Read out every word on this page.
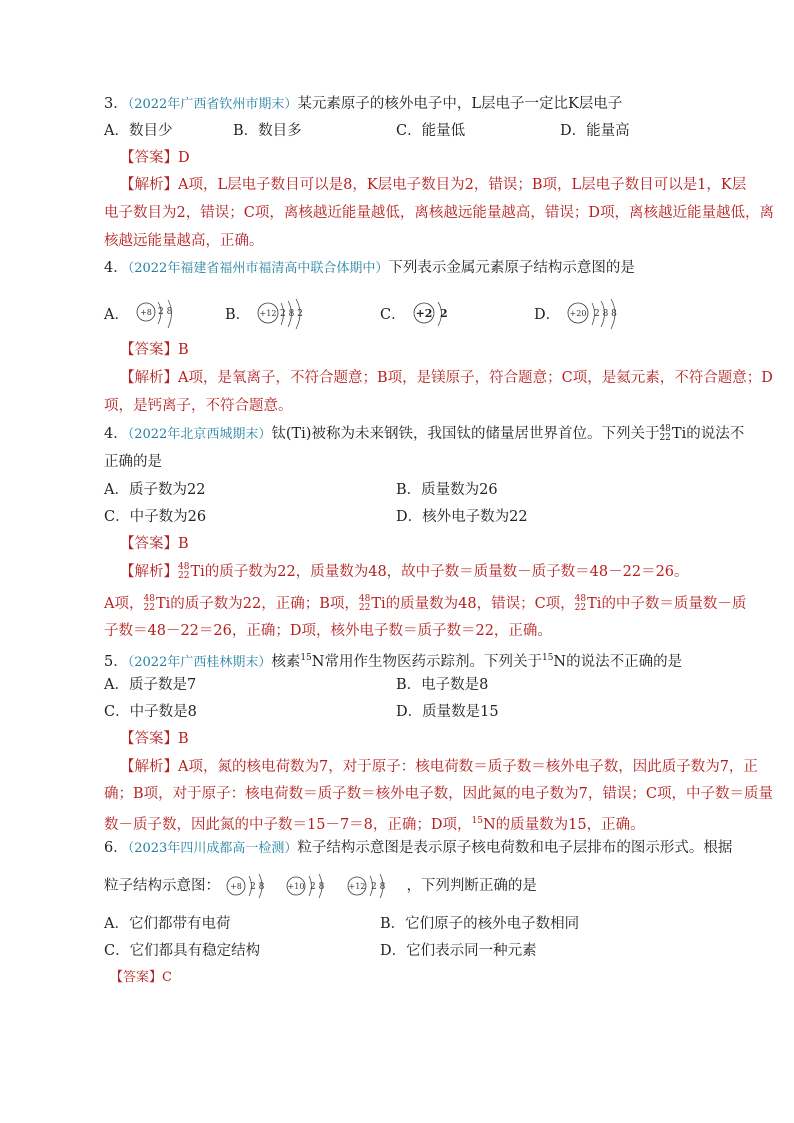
3．（2022年广西省钦州市期末）某元素原子的核外电子中，L层电子一定比K层电子
A．数目少	B．数目多	C．能量低	D．能量高
【答案】D
【解析】A项，L层电子数目可以是8，K层电子数目为2，错误；B项，L层电子数目可以是1，K层
电子数目为2，错误；C项，离核越近能量越低，离核越远能量越高，错误；D项，离核越近能量越低，离
核越远能量越高，正确。
4．（2022年福建省福州市福清高中联合体期中）下列表示金属元素原子结构示意图的是
A． +8 2 8	B． +12 2 8 2	C． +2 2	D． +20 2 8 8
【答案】B
【解析】A项，是氧离子，不符合题意；B项，是镁原子，符合题意；C项，是氦元素，不符合题意；D
项，是钙离子，不符合题意。
4．（2022年北京西城期末）钛(Ti)被称为未来钢铁，我国钛的储量居世界首位。下列关于 48
22 Ti的说法不
正确的是
A．质子数为22	B．质量数为26
C．中子数为26	D．核外电子数为22
【答案】B
【解析】 48
22 Ti的质子数为22，质量数为48，故中子数＝质量数－质子数＝48－22＝26。
A项， 48
22 Ti的质子数为22，正确；B项， 48
22 Ti的质量数为48，错误；C项， 48
22 Ti的中子数＝质量数－质
子数＝48－22＝26，正确；D项，核外电子数＝质子数＝22，正确。
5．（2022年广西桂林期末）核素$^{15}$N常用作生物医药示踪剂。下列关于$^{15}$N的说法不正确的是
A．质子数是7	B．电子数是8
C．中子数是8	D．质量数是15
【答案】B
【解析】A项，氮的核电荷数为7，对于原子：核电荷数＝质子数＝核外电子数，因此质子数为7，正
确；B项，对于原子：核电荷数＝质子数＝核外电子数，因此氮的电子数为7，错误；C项，中子数＝质量
数－质子数，因此氮的中子数＝15－7＝8，正确；D项，$^{15}$N的质量数为15，正确。
6．（2023年四川成都高一检测）粒子结构示意图是表示原子核电荷数和电子层排布的图示形式。根据
粒子结构示意图： +8 2 8
	+10 2 8
	+12 2 8 ，下列判断正确的是
A．它们都带有电荷	B．它们原子的核外电子数相同
C．它们都具有稳定结构	D．它们表示同一种元素
【答案】C
